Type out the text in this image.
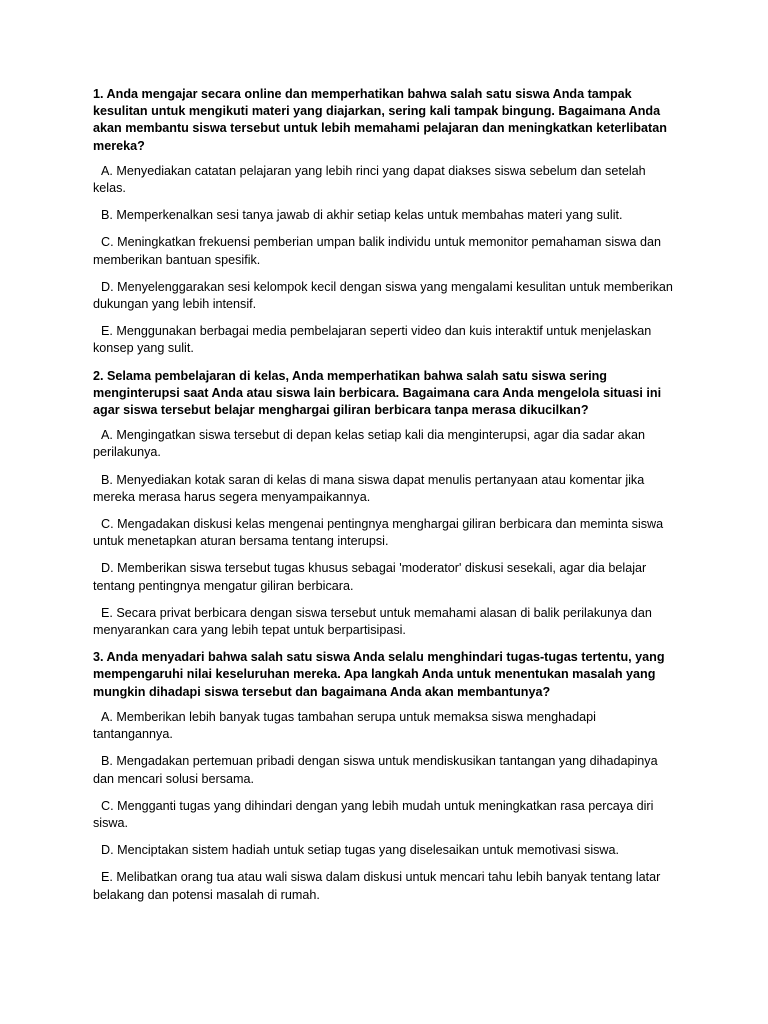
1. Anda mengajar secara online dan memperhatikan bahwa salah satu siswa Anda tampak kesulitan untuk mengikuti materi yang diajarkan, sering kali tampak bingung. Bagaimana Anda akan membantu siswa tersebut untuk lebih memahami pelajaran dan meningkatkan keterlibatan mereka?

A. Menyediakan catatan pelajaran yang lebih rinci yang dapat diakses siswa sebelum dan setelah kelas.

B. Memperkenalkan sesi tanya jawab di akhir setiap kelas untuk membahas materi yang sulit.

C. Meningkatkan frekuensi pemberian umpan balik individu untuk memonitor pemahaman siswa dan memberikan bantuan spesifik.

D. Menyelenggarakan sesi kelompok kecil dengan siswa yang mengalami kesulitan untuk memberikan dukungan yang lebih intensif.

E. Menggunakan berbagai media pembelajaran seperti video dan kuis interaktif untuk menjelaskan konsep yang sulit.

2. Selama pembelajaran di kelas, Anda memperhatikan bahwa salah satu siswa sering menginterupsi saat Anda atau siswa lain berbicara. Bagaimana cara Anda mengelola situasi ini agar siswa tersebut belajar menghargai giliran berbicara tanpa merasa dikucilkan?

A. Mengingatkan siswa tersebut di depan kelas setiap kali dia menginterupsi, agar dia sadar akan perilakunya.

B. Menyediakan kotak saran di kelas di mana siswa dapat menulis pertanyaan atau komentar jika mereka merasa harus segera menyampaikannya.

C. Mengadakan diskusi kelas mengenai pentingnya menghargai giliran berbicara dan meminta siswa untuk menetapkan aturan bersama tentang interupsi.

D. Memberikan siswa tersebut tugas khusus sebagai 'moderator' diskusi sesekali, agar dia belajar tentang pentingnya mengatur giliran berbicara.

E. Secara privat berbicara dengan siswa tersebut untuk memahami alasan di balik perilakunya dan menyarankan cara yang lebih tepat untuk berpartisipasi.

3. Anda menyadari bahwa salah satu siswa Anda selalu menghindari tugas-tugas tertentu, yang mempengaruhi nilai keseluruhan mereka. Apa langkah Anda untuk menentukan masalah yang mungkin dihadapi siswa tersebut dan bagaimana Anda akan membantunya?

A. Memberikan lebih banyak tugas tambahan serupa untuk memaksa siswa menghadapi tantangannya.

B. Mengadakan pertemuan pribadi dengan siswa untuk mendiskusikan tantangan yang dihadapinya dan mencari solusi bersama.

C. Mengganti tugas yang dihindari dengan yang lebih mudah untuk meningkatkan rasa percaya diri siswa.

D. Menciptakan sistem hadiah untuk setiap tugas yang diselesaikan untuk memotivasi siswa.

E. Melibatkan orang tua atau wali siswa dalam diskusi untuk mencari tahu lebih banyak tentang latar belakang dan potensi masalah di rumah.
